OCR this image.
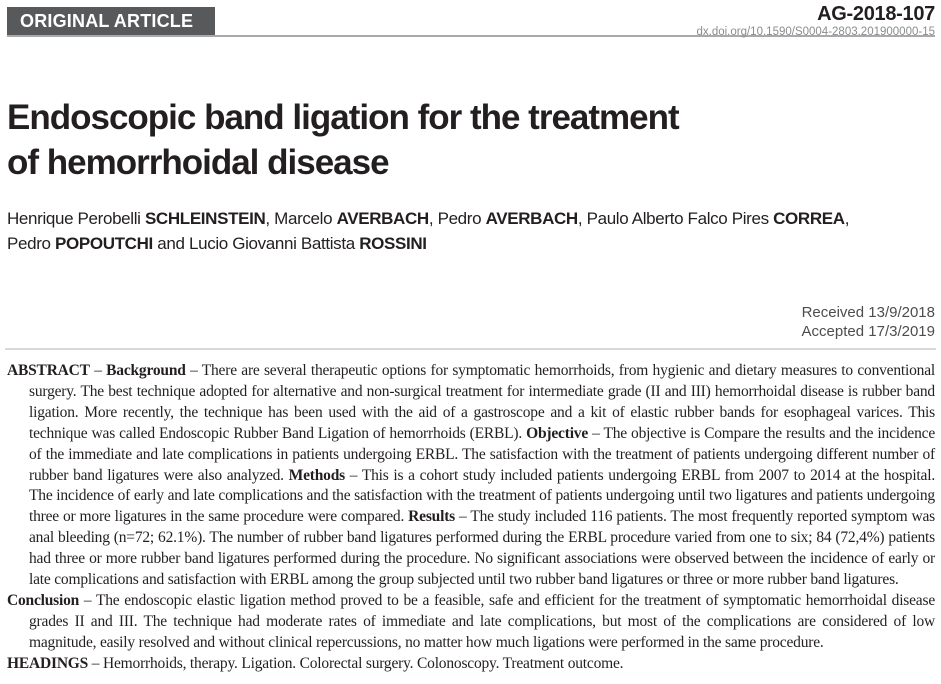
ORIGINAL ARTICLE	AG-2018-107
dx.doi.org/10.1590/S0004-2803.201900000-15
Endoscopic band ligation for the treatment
of hemorrhoidal disease
Henrique Perobelli SCHLEINSTEIN, Marcelo AVERBACH, Pedro AVERBACH, Paulo Alberto Falco Pires CORREA,
Pedro POPOUTCHI and Lucio Giovanni Battista ROSSINI
Received 13/9/2018
Accepted 17/3/2019

ABSTRACT – Background – There are several therapeutic options for symptomatic hemorrhoids, from hygienic and dietary measures to conventional surgery. The best technique adopted for alternative and non-surgical treatment for intermediate grade (II and III) hemorrhoidal disease is rubber band ligation. More recently, the technique has been used with the aid of a gastroscope and a kit of elastic rubber bands for esophageal varices. This technique was called Endoscopic Rubber Band Ligation of hemorrhoids (ERBL). Objective – The objective is Compare the results and the incidence of the immediate and late complications in patients undergoing ERBL. The satisfaction with the treatment of patients undergoing different number of rubber band ligatures were also analyzed. Methods – This is a cohort study included patients undergoing ERBL from 2007 to 2014 at the hospital. The incidence of early and late complications and the satisfaction with the treatment of patients undergoing until two ligatures and patients undergoing three or more ligatures in the same procedure were compared. Results – The study included 116 patients. The most frequently reported symptom was anal bleeding (n=72; 62.1%). The number of rubber band ligatures performed during the ERBL procedure varied from one to six; 84 (72,4%) patients had three or more rubber band ligatures performed during the procedure. No significant associations were observed between the incidence of early or late complications and satisfaction with ERBL among the group subjected until two rubber band ligatures or three or more rubber band ligatures.

Conclusion – The endoscopic elastic ligation method proved to be a feasible, safe and efficient for the treatment of symptomatic hemorrhoidal disease grades II and III. The technique had moderate rates of immediate and late complications, but most of the complications are considered of low magnitude, easily resolved and without clinical repercussions, no matter how much ligations were performed in the same procedure.

HEADINGS – Hemorrhoids, therapy. Ligation. Colorectal surgery. Colonoscopy. Treatment outcome.
